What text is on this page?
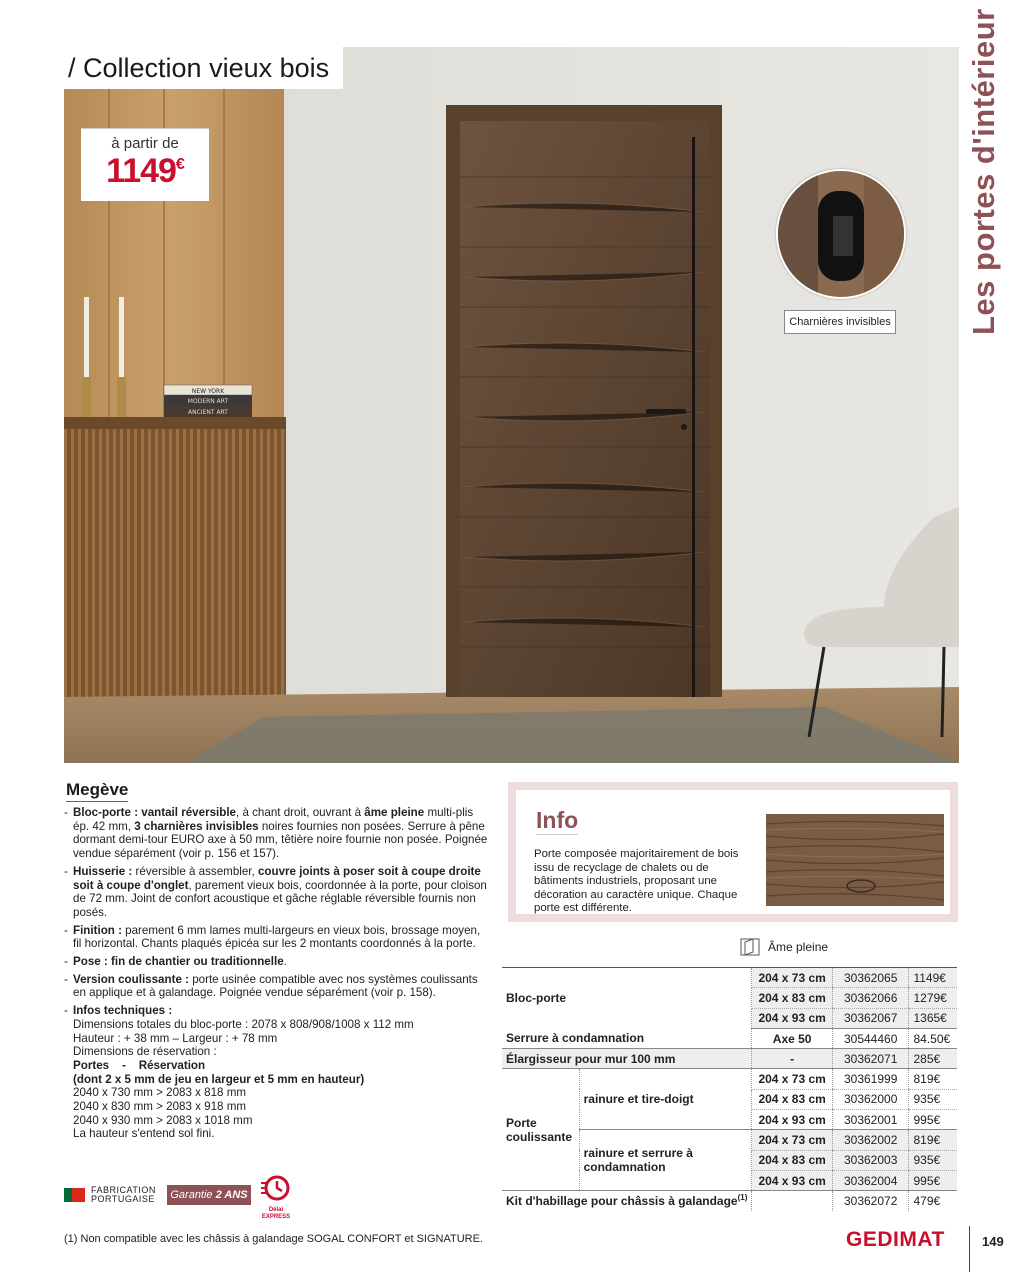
NEW YORK
MODERN ART
ANCIENT ART
Charnières invisibles
/ Collection vieux bois
à partir de
1149€	Les portes d'intérieur
Megève
- Bloc-porte : vantail réversible, à chant droit, ouvrant à âme pleine multi-plis ép. 42 mm, 3 charnières invisibles noires fournies non posées. Serrure à pêne dormant demi-tour EURO axe à 50 mm, têtière noire fournie non posée. Poignée vendue séparément (voir p. 156 et 157).
- Huisserie : réversible à assembler, couvre joints à poser soit à coupe droite soit à coupe d'onglet, parement vieux bois, coordonnée à la porte, pour cloison de 72 mm. Joint de confort acoustique et gâche réglable réversible fournis non posés.
- Finition : parement 6 mm lames multi-largeurs en vieux bois, brossage moyen, fil horizontal. Chants plaqués épicéa sur les 2 montants coordonnés à la porte.
- Pose : fin de chantier ou traditionnelle.
- Version coulissante : porte usinée compatible avec nos systèmes coulissants en applique et à galandage. Poignée vendue séparément (voir p. 158).
- Infos techniques :
Dimensions totales du bloc-porte : 2078 x 808/908/1008 x 112 mm
Hauteur : + 38 mm – Largeur : + 78 mm
Dimensions de réservation :
Portes    -    Réservation
(dont 2 x 5 mm de jeu en largeur et 5 mm en hauteur)
2040 x 730 mm > 2083 x 818 mm
2040 x 830 mm > 2083 x 918 mm
2040 x 930 mm > 2083 x 1018 mm
La hauteur s'entend sol fini.
Info
Porte composée majoritairement de bois issu de recyclage de chalets ou de bâtiments industriels, proposant une décoration au caractère unique. Chaque porte est différente.
Âme pleine
Bloc-porte		204 x 73 cm	30362065	1149€
		204 x 83 cm	30362066	1279€
		204 x 93 cm	30362067	1365€
Serrure à condamnation		Axe 50	30544460	84.50€
Élargisseur pour mur 100 mm		-	30362071	285€
Porte coulissante	rainure et tire-doigt	204 x 73 cm	30361999	819€
		204 x 83 cm	30362000	935€
		204 x 93 cm	30362001	995€
	rainure et serrure à condamnation	204 x 73 cm	30362002	819€
		204 x 83 cm	30362003	935€
		204 x 93 cm	30362004	995€
Kit d'habillage pour châssis à galandage$^{(1)}$			30362072	479€
FABRICATION
PORTUGAISE	Garantie 2 ANS
Délai
EXPRESS
(1) Non compatible avec les châssis à galandage SOGAL CONFORT et SIGNATURE.	GEDIMAT	149
